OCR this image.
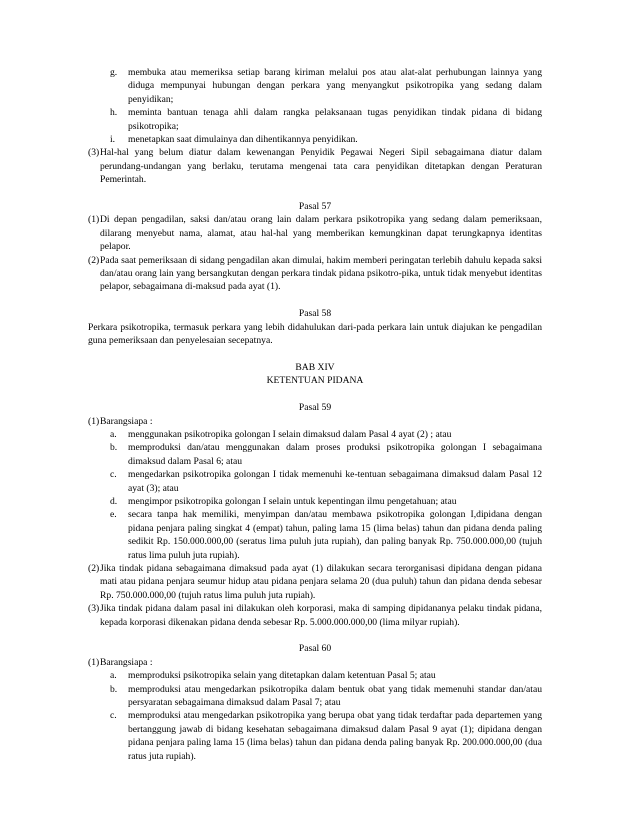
g. membuka atau memeriksa setiap barang kiriman melalui pos atau alat-alat perhubungan lainnya yang diduga mempunyai hubungan dengan perkara yang menyangkut psikotropika yang sedang dalam penyidikan;
h. meminta bantuan tenaga ahli dalam rangka pelaksanaan tugas penyidikan tindak pidana di bidang psikotropika;
i. menetapkan saat dimulainya dan dihentikannya penyidikan.
(3) Hal-hal yang belum diatur dalam kewenangan Penyidik Pegawai Negeri Sipil sebagaimana diatur dalam perundang-undangan yang berlaku, terutama mengenai tata cara penyidikan ditetapkan dengan Peraturan Pemerintah.
Pasal 57
(1) Di depan pengadilan, saksi dan/atau orang lain dalam perkara psikotropika yang sedang dalam pemeriksaan, dilarang menyebut nama, alamat, atau hal-hal yang memberikan kemungkinan dapat terungkapnya identitas pelapor.
(2) Pada saat pemeriksaan di sidang pengadilan akan dimulai, hakim memberi peringatan terlebih dahulu kepada saksi dan/atau orang lain yang bersangkutan dengan perkara tindak pidana psikotro-pika, untuk tidak menyebut identitas pelapor, sebagaimana di-maksud pada ayat (1).
Pasal 58
Perkara psikotropika, termasuk perkara yang lebih didahulukan dari-pada perkara lain untuk diajukan ke pengadilan guna pemeriksaan dan penyelesaian secepatnya.
BAB XIV
KETENTUAN PIDANA
Pasal 59
(1) Barangsiapa :
a. menggunakan psikotropika golongan I selain dimaksud dalam Pasal 4 ayat (2) ; atau
b. memproduksi dan/atau menggunakan dalam proses produksi psikotropika golongan I sebagaimana dimaksud dalam Pasal 6; atau
c. mengedarkan psikotropika golongan I tidak memenuhi ke-tentuan sebagaimana dimaksud dalam Pasal 12 ayat (3); atau
d. mengimpor psikotropika golongan I selain untuk kepentingan ilmu pengetahuan; atau
e. secara tanpa hak memiliki, menyimpan dan/atau membawa psikotropika golongan I,dipidana dengan pidana penjara paling singkat 4 (empat) tahun, paling lama 15 (lima belas) tahun dan pidana denda paling sedikit Rp. 150.000.000,00 (seratus lima puluh juta rupiah), dan paling banyak Rp. 750.000.000,00 (tujuh ratus lima puluh juta rupiah).
(2) Jika tindak pidana sebagaimana dimaksud pada ayat (1) dilakukan secara terorganisasi dipidana dengan pidana mati atau pidana penjara seumur hidup atau pidana penjara selama 20 (dua puluh) tahun dan pidana denda sebesar Rp. 750.000.000,00 (tujuh ratus lima puluh juta rupiah).
(3) Jika tindak pidana dalam pasal ini dilakukan oleh korporasi, maka di samping dipidananya pelaku tindak pidana, kepada korporasi dikenakan pidana denda sebesar Rp. 5.000.000.000,00 (lima milyar rupiah).
Pasal 60
(1) Barangsiapa :
a. memproduksi psikotropika selain yang ditetapkan dalam ketentuan Pasal 5; atau
b. memproduksi atau mengedarkan psikotropika dalam bentuk obat yang tidak memenuhi standar dan/atau persyaratan sebagaimana dimaksud dalam Pasal 7; atau
c. memproduksi atau mengedarkan psikotropika yang berupa obat yang tidak terdaftar pada departemen yang bertanggung jawab di bidang kesehatan sebagaimana dimaksud dalam Pasal 9 ayat (1); dipidana dengan pidana penjara paling lama 15 (lima belas) tahun dan pidana denda paling banyak Rp. 200.000.000,00 (dua ratus juta rupiah).
